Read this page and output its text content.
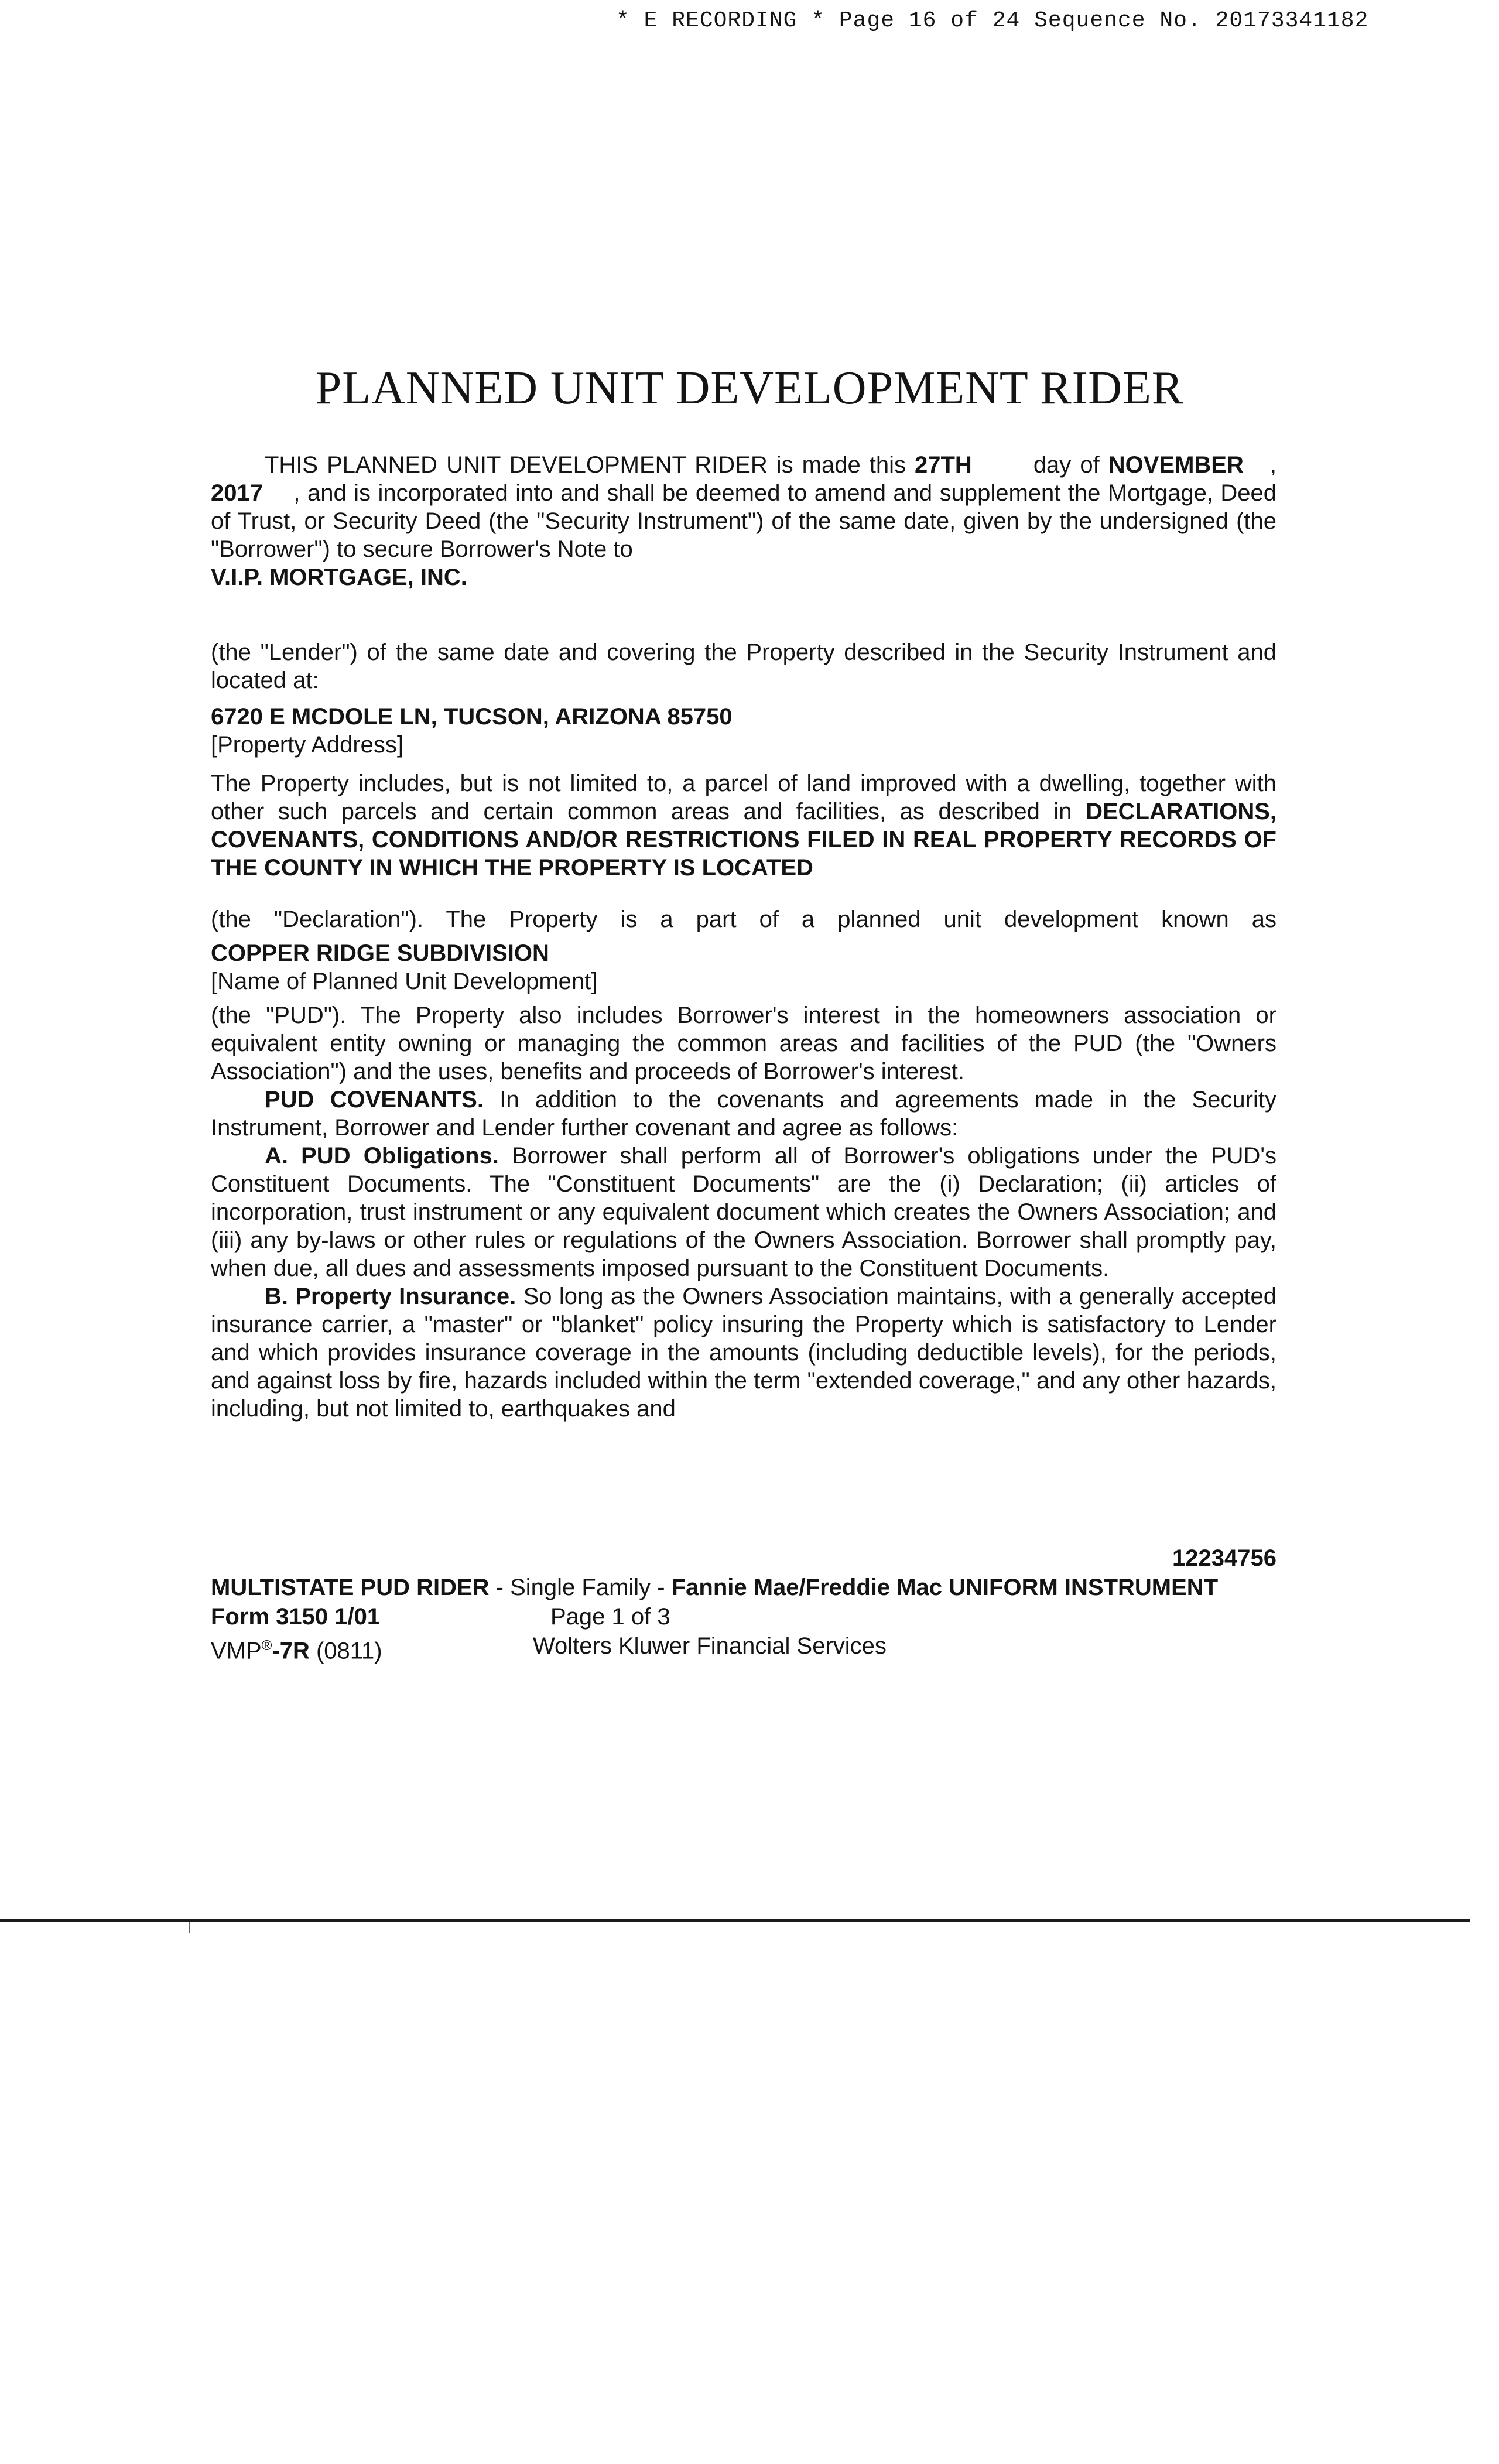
* E RECORDING * Page 16 of 24 Sequence No. 20173341182
PLANNED UNIT DEVELOPMENT RIDER

THIS PLANNED UNIT DEVELOPMENT RIDER is made this 27TH	day of NOVEMBER , 2017 , and is incorporated into and shall be deemed to amend and supplement the Mortgage, Deed of Trust, or Security Deed (the "Security Instrument") of the same date, given by the undersigned (the "Borrower") to secure Borrower's Note to

V.I.P. MORTGAGE, INC.

(the "Lender") of the same date and covering the Property described in the Security Instrument and located at:

6720 E MCDOLE LN, TUCSON, ARIZONA 85750

[Property Address]

The Property includes, but is not limited to, a parcel of land improved with a dwelling, together with other such parcels and certain common areas and facilities, as described in DECLARATIONS, COVENANTS, CONDITIONS AND/OR RESTRICTIONS FILED IN REAL PROPERTY RECORDS OF THE COUNTY IN WHICH THE PROPERTY IS LOCATED

(the "Declaration"). The Property is a part of a planned unit development known as

COPPER RIDGE SUBDIVISION

[Name of Planned Unit Development]

(the "PUD"). The Property also includes Borrower's interest in the homeowners association or equivalent entity owning or managing the common areas and facilities of the PUD (the "Owners Association") and the uses, benefits and proceeds of Borrower's interest.

PUD COVENANTS. In addition to the covenants and agreements made in the Security Instrument, Borrower and Lender further covenant and agree as follows:

A. PUD Obligations. Borrower shall perform all of Borrower's obligations under the PUD's Constituent Documents. The "Constituent Documents" are the (i) Declaration; (ii) articles of incorporation, trust instrument or any equivalent document which creates the Owners Association; and (iii) any by-laws or other rules or regulations of the Owners Association. Borrower shall promptly pay, when due, all dues and assessments imposed pursuant to the Constituent Documents.

B. Property Insurance. So long as the Owners Association maintains, with a generally accepted insurance carrier, a "master" or "blanket" policy insuring the Property which is satisfactory to Lender and which provides insurance coverage in the amounts (including deductible levels), for the periods, and against loss by fire, hazards included within the term "extended coverage," and any other hazards, including, but not limited to, earthquakes and

12234756
MULTISTATE PUD RIDER - Single Family - Fannie Mae/Freddie Mac UNIFORM INSTRUMENT
Form 3150 1/01	Page 1 of 3
VMP®-7R (0811)	Wolters Kluwer Financial Services
